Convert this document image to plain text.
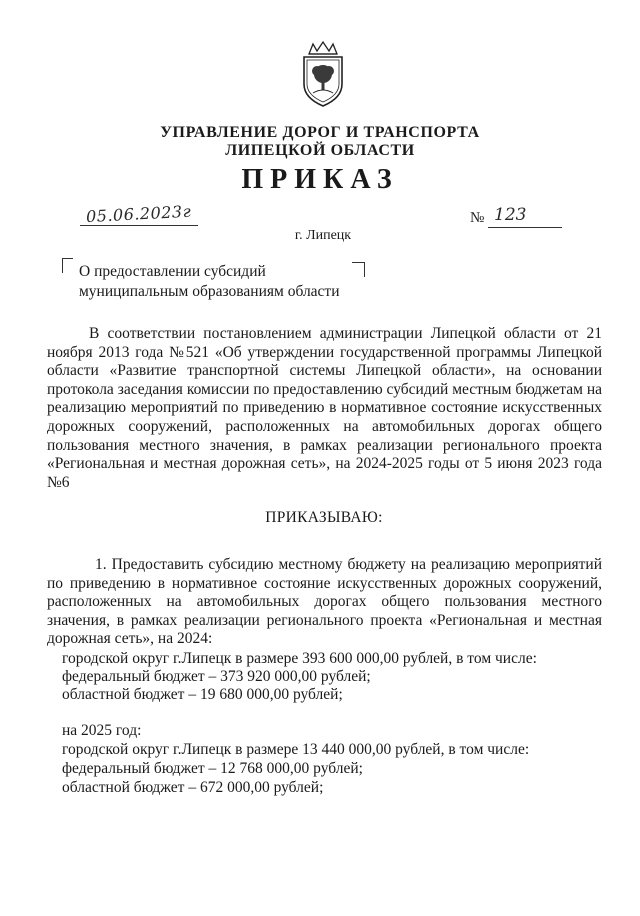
УПРАВЛЕНИЕ ДОРОГ И ТРАНСПОРТА
ЛИПЕЦКОЙ ОБЛАСТИ
ПРИКАЗ
05.06.2023г	№ 123
г. Липецк
О предоставлении субсидий муниципальным образованиям области
В соответствии постановлением администрации Липецкой области от 21 ноября 2013 года №521 «Об утверждении государственной программы Липецкой области «Развитие транспортной системы Липецкой области», на основании протокола заседания комиссии по предоставлению субсидий местным бюджетам на реализацию мероприятий по приведению в нормативное состояние искусственных дорожных сооружений, расположенных на автомобильных дорогах общего пользования местного значения, в рамках реализации регионального проекта «Региональная и местная дорожная сеть», на 2024-2025 годы от 5 июня 2023 года №6
ПРИКАЗЫВАЮ:
1. Предоставить субсидию местному бюджету на реализацию мероприятий по приведению в нормативное состояние искусственных дорожных сооружений, расположенных на автомобильных дорогах общего пользования местного значения, в рамках реализации регионального проекта «Региональная и местная дорожная сеть», на 2024:
городской округ г.Липецк в размере 393 600 000,00 рублей, в том числе:
федеральный бюджет – 373 920 000,00 рублей;
областной бюджет – 19 680 000,00 рублей;
на 2025 год:
городской округ г.Липецк в размере 13 440 000,00 рублей, в том числе:
федеральный бюджет – 12 768 000,00 рублей;
областной бюджет – 672 000,00 рублей;
